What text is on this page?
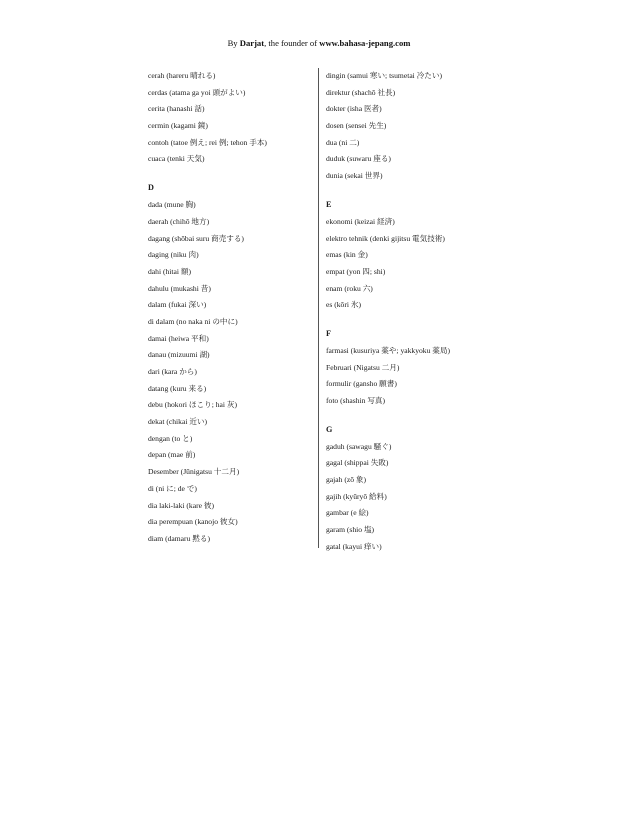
By Darjat, the founder of www.bahasa-jepang.com
cerah (hareru 晴れる)
cerdas (atama ga yoi 頭がよい)
cerita (hanashi 話)
cermin (kagami 鏡)
contoh (tatoe 例え; rei 例; tehon 手本)
cuaca (tenki 天気)
D
dada (mune 胸)
daerah (chihō 地方)
dagang (shōbai suru 商売する)
daging (niku 肉)
dahi (hitai 額)
dahulu (mukashi 昔)
dalam (fukai 深い)
di dalam (no naka ni の中に)
damai (heiwa 平和)
danau (mizuumi 湖)
dari (kara から)
datang (kuru 来る)
debu (hokori ほこり; hai 灰)
dekat (chikai 近い)
dengan (to と)
depan (mae 前)
Desember (Jūnigatsu 十二月)
di (ni に; de で)
dia laki-laki (kare 彼)
dia perempuan (kanojo 彼女)
diam (damaru 黙る)
dingin (samui 寒い; tsumetai 冷たい)
direktur (shachō 社長)
dokter (isha 医者)
dosen (sensei 先生)
dua (ni 二)
duduk (suwaru 座る)
dunia (sekai 世界)
E
ekonomi (keizai 経済)
elektro tehnik (denki gijitsu 電気技術)
emas (kin 金)
empat (yon 四; shi)
enam (roku 六)
es (kōri 氷)
F
farmasi (kusuriya 薬や; yakkyoku 薬局)
Februari (Nigatsu 二月)
formulir (gansho 願書)
foto (shashin 写真)
G
gaduh (sawagu 騒ぐ)
gagal (shippai 失敗)
gajah (zō 象)
gajih (kyūryō 給料)
gambar (e 絵)
garam (shio 塩)
gatal (kayui 痒い)
